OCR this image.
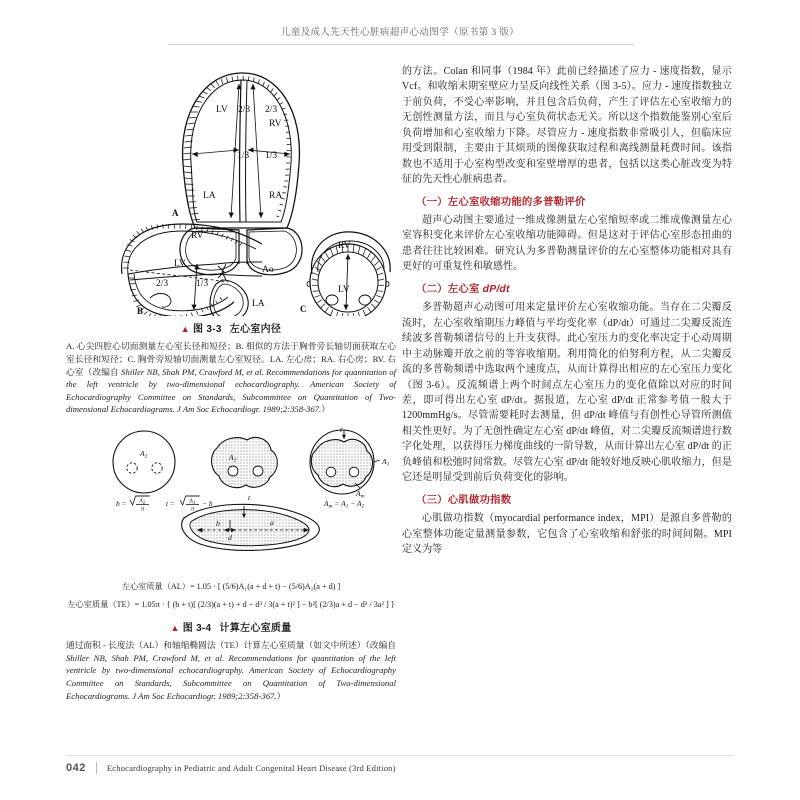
儿童及成人先天性心脏病超声心动图学（原书第 3 版）
LV 2/3 2/3
RV
1/3 1/3
LA	RA
A
RV
LV
Ao
2/3	1/3
LA
B
RV
LV
C
▲ 图 3-3 左心室内径
A. 心尖四腔心切面测量左心室长径和短径；B. 相似的方法于胸骨旁长轴切面获取左心室长径和短径；C. 胸骨旁短轴切面测量左心室短径。LA. 左心房；RA. 右心房；RV. 右心室（改编自 Shiller NB, Shah PM, Crawford M, et al. Recommendations for quantitation of the left ventricle by two-dimensional echocardiography. American Society of Echocardiography Committee on Standards, Subcommittee on Quantitation of Two-dimensional Echocardiograms. J Am Soc Echocardiogr. 1989;2:358-367.）
$A_2$	$A_2$	$A_1$
t
$A_m$
t
b
d
a
b =	t =	$A_m = A_1 - A_2$
A2
π
A1
π
− b
左心室质量（AL）= 1.05 · [ (5/6)A₁(a + d + t) − (5/6)A₂(a + d) ]
左心室质量（TE）= 1.05π · { (b + t)[ (2/3)(a + t) + d − d³ / 3(a + t)² ] − b²[ (2/3)a + d − d³ / 3a² ] }
▲ 图 3-4 计算左心室质量
通过面积 - 长度法（AL）和轴缩椭圆法（TE）计算左心室质量（如文中所述）（改编自 Shiller NB, Shah PM, Crawford M, et al. Recommendations for quantitation of the left ventricle by two-dimensional echocardiography. American Society of Echocardiography Committee on Standards, Subcommittee on Quantitation of Two-dimensional Echocardiograms. J Am Soc Echocardiogr. 1989;2:358-367.）

的方法。Colan 和同事（1984 年）此前已经描述了应力 - 速度指数，显示 Vcf。和收缩末期室壁应力呈反向线性关系（图 3-5）。应力 - 速度指数独立于前负荷，不受心率影响，并且包含后负荷，产生了评估左心室收缩力的无创性测量方法，而且与心室负荷状态无关。所以这个指数能鉴别心室后负荷增加和心室收缩力下降。尽管应力 - 速度指数非常吸引人，但临床应用受到限制，主要由于其烦琐的图像获取过程和离线测量耗费时间。该指数也不适用于心室构型改变和室壁增厚的患者，包括以这类心脏改变为特征的先天性心脏病患者。

（一）左心室收缩功能的多普勒评价

超声心动图主要通过一维成像测量左心室缩短率或二维成像测量左心室容积变化来评价左心室收缩功能障碍。但是这对于评估心室形态扭曲的患者往往比较困难。研究认为多普勒测量评价的左心室整体功能相对具有更好的可重复性和敏感性。

（二）左心室 dP/dt

多普勒超声心动图可用来定量评价左心室收缩功能。当存在二尖瓣反流时，左心室收缩期压力峰值与平均变化率（dP/dt）可通过二尖瓣反流连续波多普勒频谱信号的上升支获得。此心室压力的变化率决定于心动周期中主动脉瓣开放之前的等容收缩期。利用简化的伯努利方程，从二尖瓣反流的多普勒频谱中选取两个速度点，从而计算得出相应的左心室压力变化（图 3-6）。反流频谱上两个时间点左心室压力的变化值除以对应的时间差，即可得出左心室 dP/dt。据报道，左心室 dP/dt 正常参考值一般大于 1200mmHg/s。尽管需要耗时去测量，但 dP/dt 峰值与有创性心导管所测值相关性更好。为了无创性确定左心室 dP/dt 峰值，对二尖瓣反流频谱进行数字化处理，以获得压力梯度曲线的一阶导数，从而计算出左心室 dP/dt 的正负峰值和松弛时间常数。尽管左心室 dP/dt 能较好地反映心肌收缩力，但是它还是明显受到前后负荷变化的影响。

（三）心肌做功指数

心肌做功指数（myocardial performance index，MPI）是源自多普勒的心室整体功能定量测量参数，它包含了心室收缩和舒张的时间间隔。MPI 定义为等

042 Echocardiography in Pediatric and Adult Congenital Heart Disease (3rd Edition)
